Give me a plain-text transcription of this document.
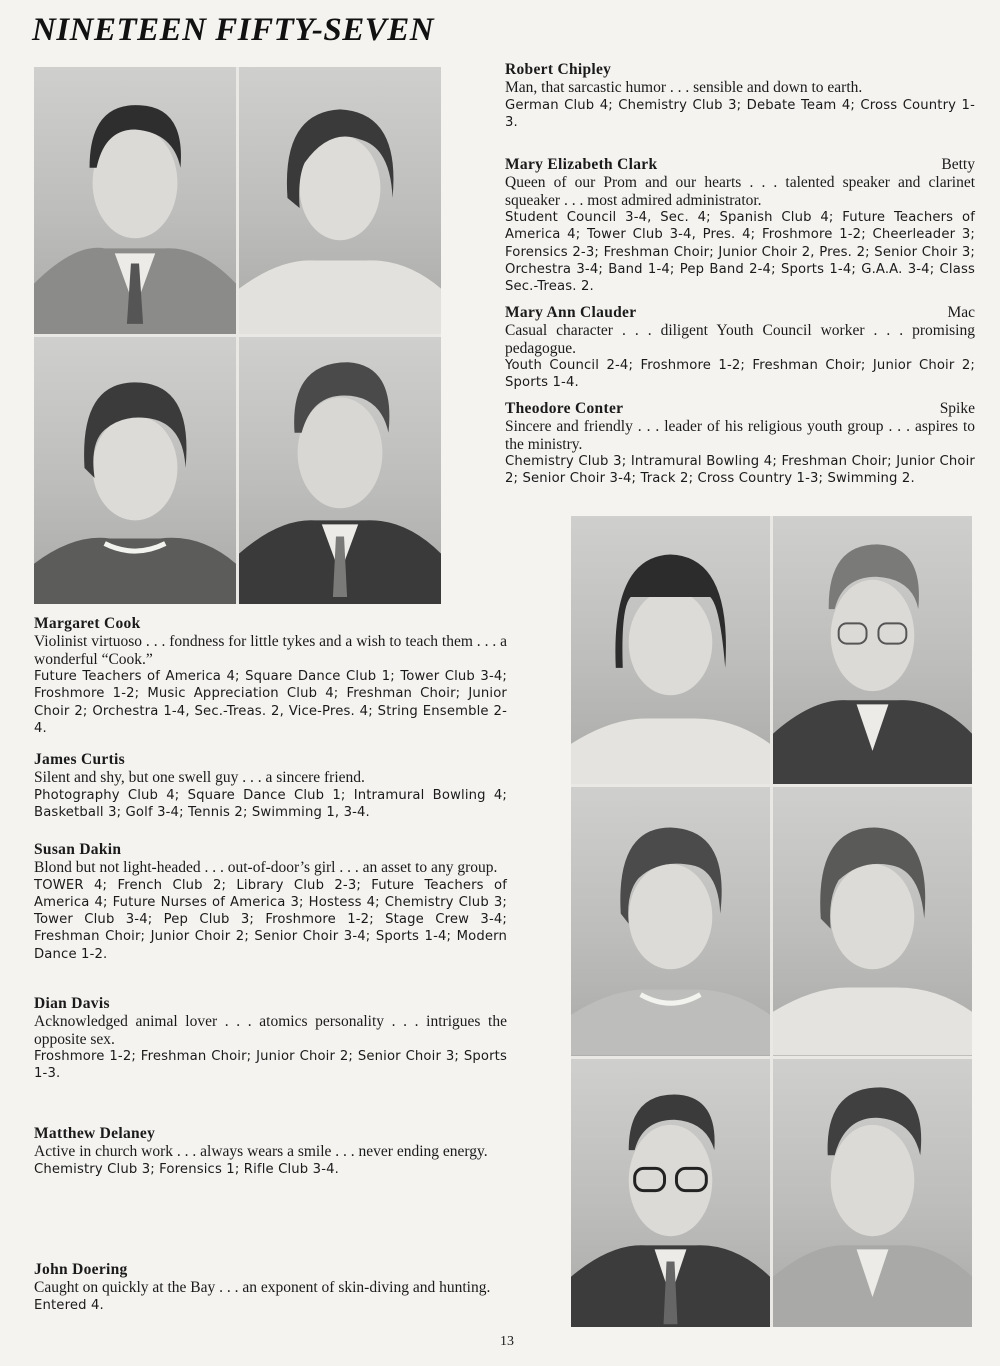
NINETEEN FIFTY-SEVEN
Robert Chipley
Man, that sarcastic humor . . . sensible and down to earth.
German Club 4; Chemistry Club 3; Debate Team 4; Cross Country 1-3.
Mary Elizabeth Clark	Betty
Queen of our Prom and our hearts . . . talented speaker and clarinet squeaker . . . most admired administrator.
Student Council 3-4, Sec. 4; Spanish Club 4; Future Teachers of America 4; Tower Club 3-4, Pres. 4; Froshmore 1-2; Cheerleader 3; Forensics 2-3; Freshman Choir; Junior Choir 2, Pres. 2; Senior Choir 3; Orchestra 3-4; Band 1-4; Pep Band 2-4; Sports 1-4; G.A.A. 3-4; Class Sec.-Treas. 2.
Mary Ann Clauder	Mac
Casual character . . . diligent Youth Council worker . . . promising pedagogue.
Youth Council 2-4; Froshmore 1-2; Freshman Choir; Junior Choir 2; Sports 1-4.
Theodore Conter	Spike
Sincere and friendly . . . leader of his religious youth group . . . aspires to the ministry.
Chemistry Club 3; Intramural Bowling 4; Freshman Choir; Junior Choir 2; Senior Choir 3-4; Track 2; Cross Country 1-3; Swimming 2.
Margaret Cook
Violinist virtuoso . . . fondness for little tykes and a wish to teach them . . . a wonderful “Cook.”
Future Teachers of America 4; Square Dance Club 1; Tower Club 3-4; Froshmore 1-2; Music Appreciation Club 4; Freshman Choir; Junior Choir 2; Orchestra 1-4, Sec.-Treas. 2, Vice-Pres. 4; String Ensemble 2-4.
James Curtis
Silent and shy, but one swell guy . . . a sincere friend.
Photography Club 4; Square Dance Club 1; Intramural Bowling 4; Basketball 3; Golf 3-4; Tennis 2; Swimming 1, 3-4.
Susan Dakin
Blond but not light-headed . . . out-of-door’s girl . . . an asset to any group.
TOWER 4; French Club 2; Library Club 2-3; Future Teachers of America 4; Future Nurses of America 3; Hostess 4; Chemistry Club 3; Tower Club 3-4; Pep Club 3; Froshmore 1-2; Stage Crew 3-4; Freshman Choir; Junior Choir 2; Senior Choir 3-4; Sports 1-4; Modern Dance 1-2.
Dian Davis
Acknowledged animal lover . . . atomics personality . . . intrigues the opposite sex.
Froshmore 1-2; Freshman Choir; Junior Choir 2; Senior Choir 3; Sports 1-3.
Matthew Delaney
Active in church work . . . always wears a smile . . . never ending energy.
Chemistry Club 3; Forensics 1; Rifle Club 3-4.
John Doering
Caught on quickly at the Bay . . . an exponent of skin-diving and hunting.
Entered 4.
13
